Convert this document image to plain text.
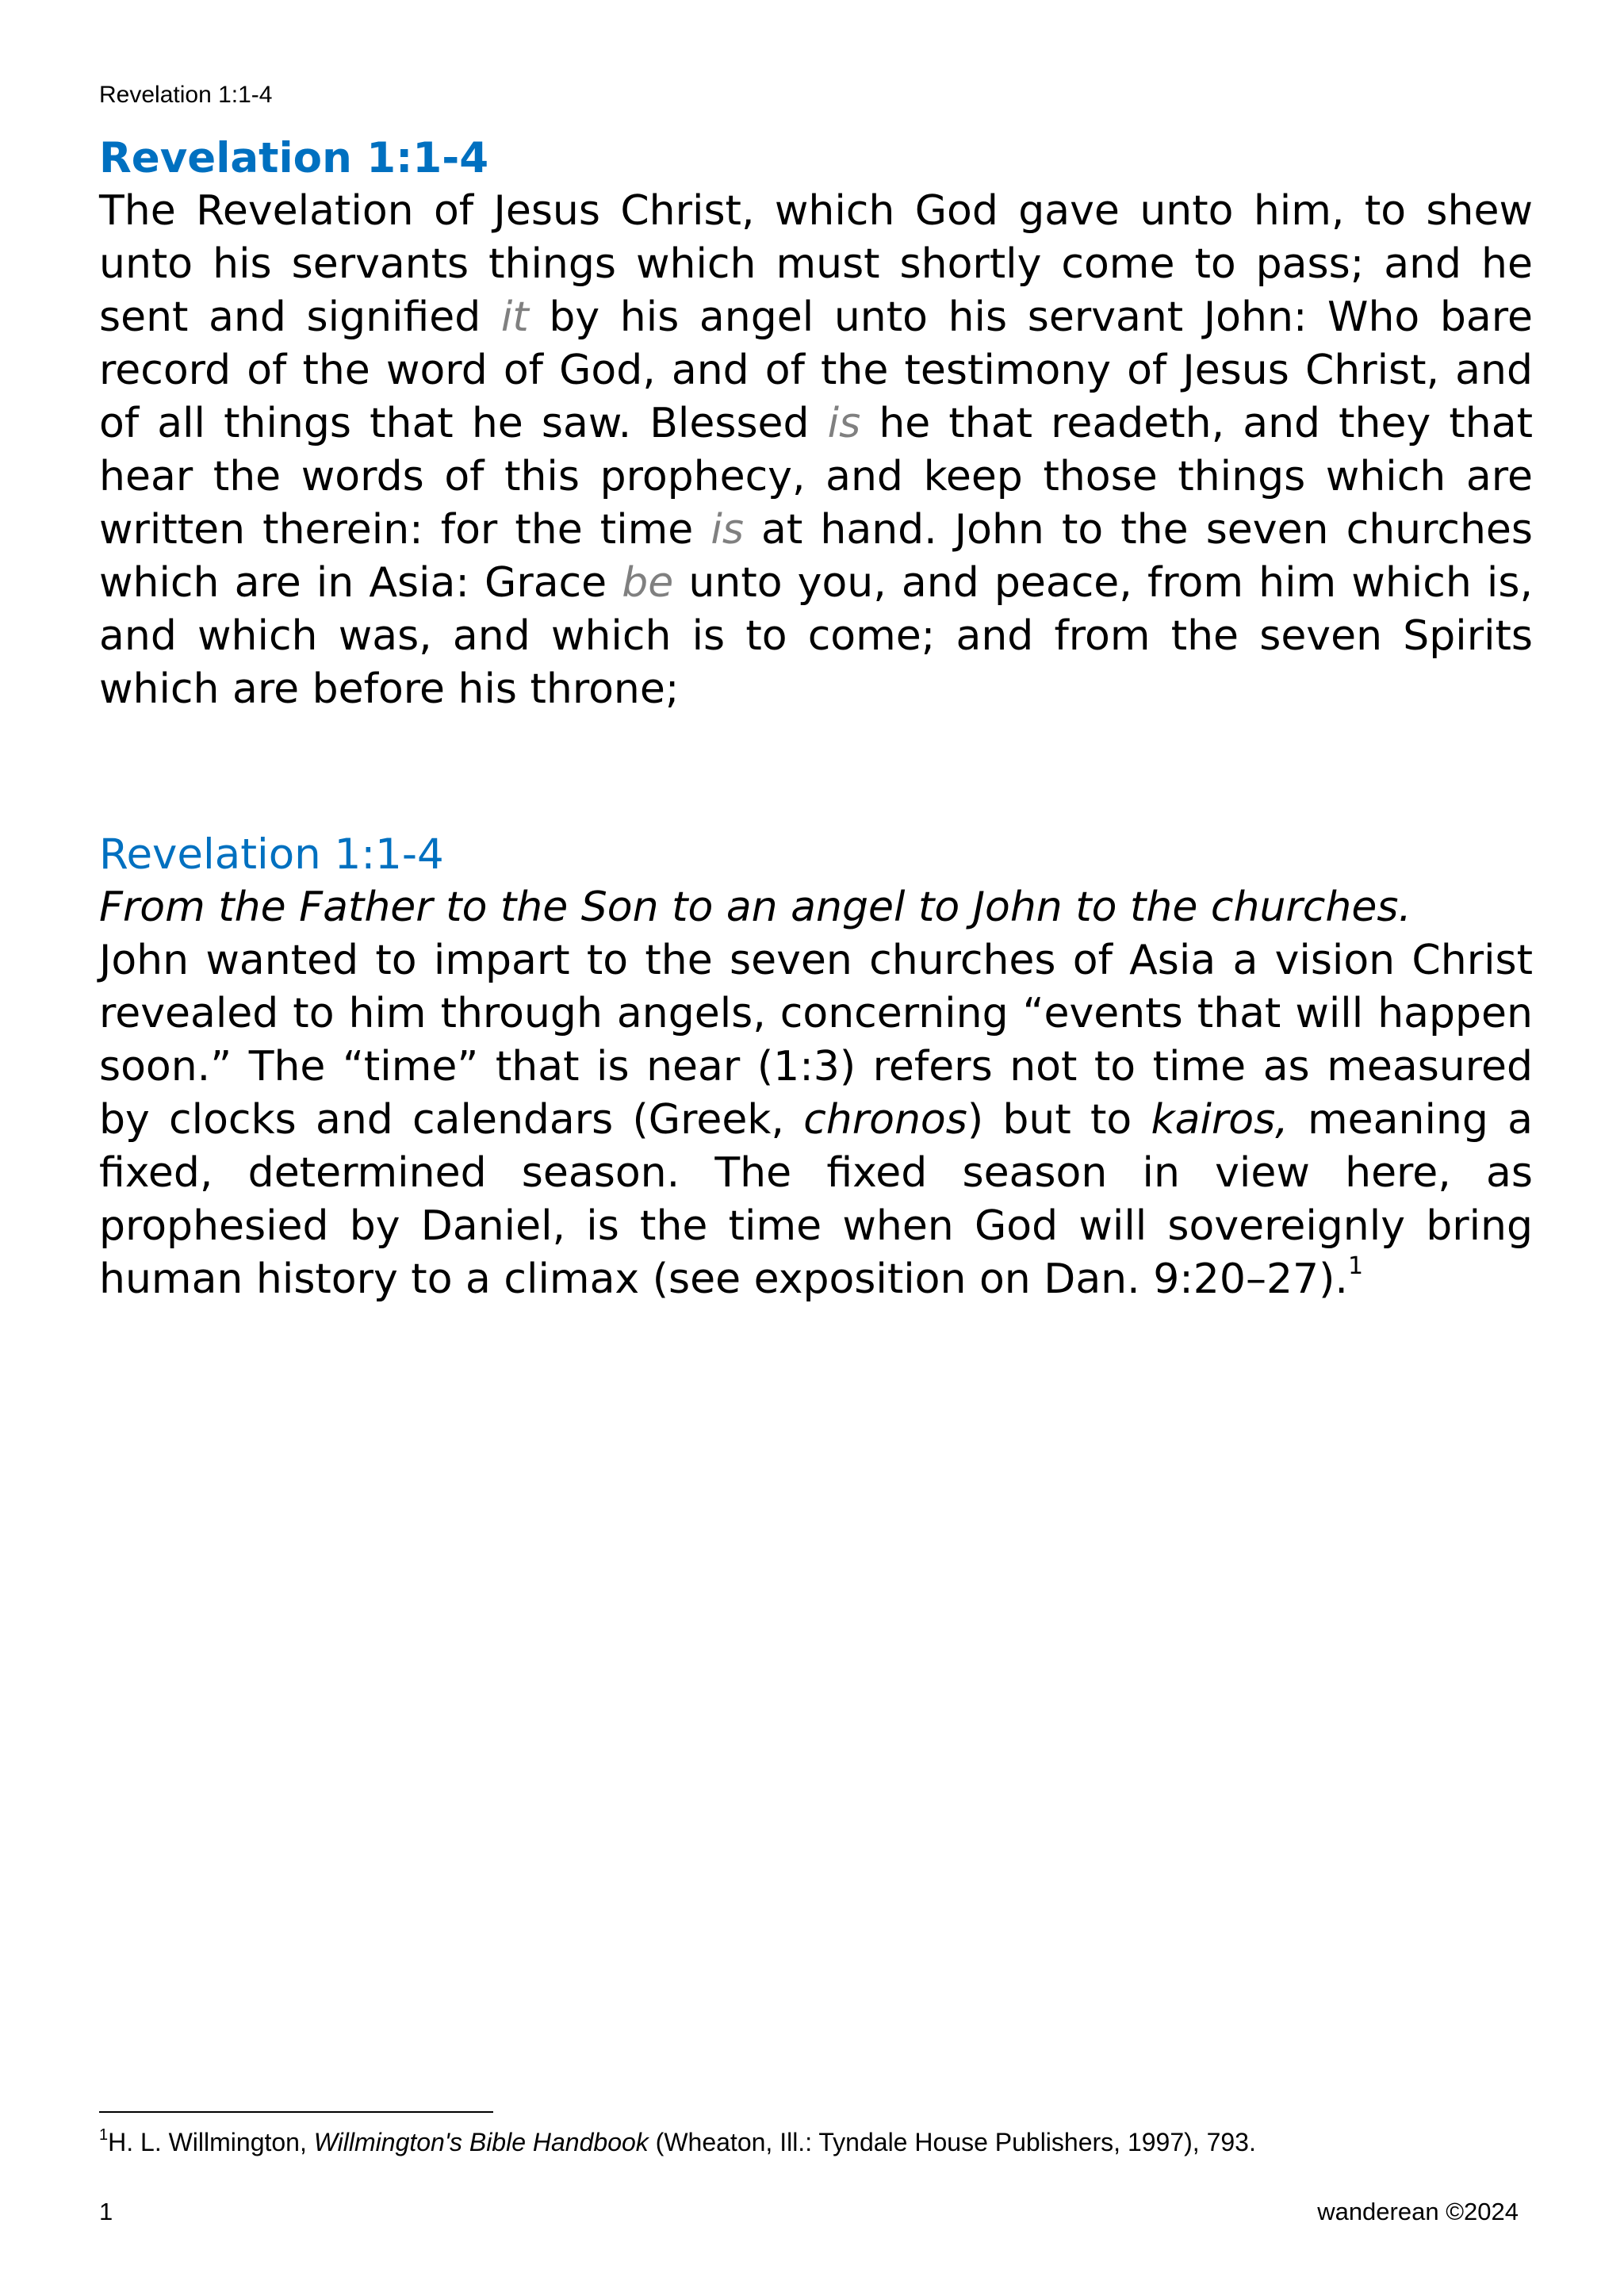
Revelation 1:1-4
Revelation 1:1-4

The Revelation of Jesus Christ, which God gave unto him, to shew unto his servants things which must shortly come to pass; and he sent and signified it by his angel unto his servant John: Who bare record of the word of God, and of the testimony of Jesus Christ, and of all things that he saw. Blessed is he that readeth, and they that hear the words of this prophecy, and keep those things which are written therein: for the time is at hand. John to the seven churches which are in Asia: Grace be unto you, and peace, from him which is, and which was, and which is to come; and from the seven Spirits which are before his throne;

Revelation 1:1-4

From the Father to the Son to an angel to John to the churches.

John wanted to impart to the seven churches of Asia a vision Christ revealed to him through angels, concerning “events that will happen soon.” The “time” that is near (1:3) refers not to time as measured by clocks and calendars (Greek, chronos) but to kairos, meaning a fixed, determined season. The fixed season in view here, as prophesied by Daniel, is the time when God will sovereignly bring human history to a climax (see exposition on Dan. 9:20–27).$^1$

$^1$H. L. Willmington, Willmington's Bible Handbook (Wheaton, Ill.: Tyndale House Publishers, 1997), 793.
1	wanderean ©2024
